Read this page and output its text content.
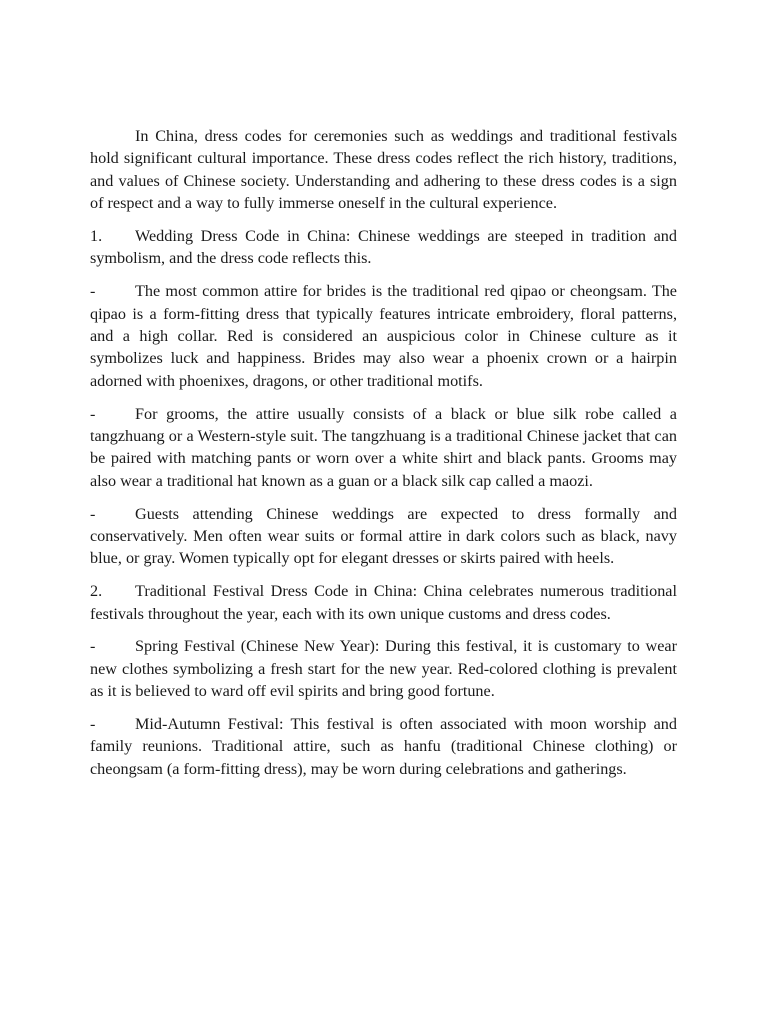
In China, dress codes for ceremonies such as weddings and traditional festivals hold significant cultural importance. These dress codes reflect the rich history, traditions, and values of Chinese society. Understanding and adhering to these dress codes is a sign of respect and a way to fully immerse oneself in the cultural experience.

1. Wedding Dress Code in China: Chinese weddings are steeped in tradition and symbolism, and the dress code reflects this.

- The most common attire for brides is the traditional red qipao or cheongsam. The qipao is a form-fitting dress that typically features intricate embroidery, floral patterns, and a high collar. Red is considered an auspicious color in Chinese culture as it symbolizes luck and happiness. Brides may also wear a phoenix crown or a hairpin adorned with phoenixes, dragons, or other traditional motifs.

- For grooms, the attire usually consists of a black or blue silk robe called a tangzhuang or a Western-style suit. The tangzhuang is a traditional Chinese jacket that can be paired with matching pants or worn over a white shirt and black pants. Grooms may also wear a traditional hat known as a guan or a black silk cap called a maozi.

- Guests attending Chinese weddings are expected to dress formally and conservatively. Men often wear suits or formal attire in dark colors such as black, navy blue, or gray. Women typically opt for elegant dresses or skirts paired with heels.

2. Traditional Festival Dress Code in China: China celebrates numerous traditional festivals throughout the year, each with its own unique customs and dress codes.

- Spring Festival (Chinese New Year): During this festival, it is customary to wear new clothes symbolizing a fresh start for the new year. Red-colored clothing is prevalent as it is believed to ward off evil spirits and bring good fortune.

- Mid-Autumn Festival: This festival is often associated with moon worship and family reunions. Traditional attire, such as hanfu (traditional Chinese clothing) or cheongsam (a form-fitting dress), may be worn during celebrations and gatherings.
